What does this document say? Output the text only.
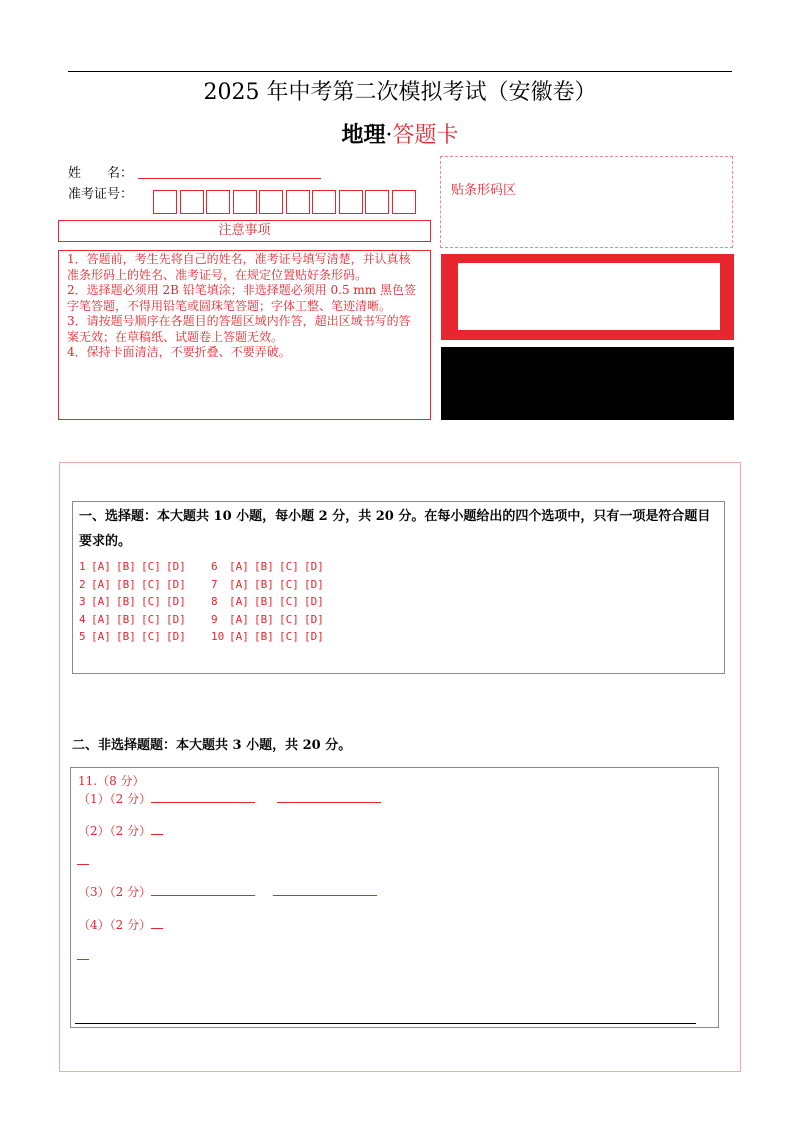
2025 年中考第二次模拟考试（安徽卷）
地理·答题卡
姓　　名：
准考证号：	贴条形码区
注意事项

1．答题前，考生先将自己的姓名，准考证号填写清楚，并认真核准条形码上的姓名、准考证号，在规定位置贴好条形码。

2．选择题必须用 2B 铅笔填涂；非选择题必须用 0.5 mm 黑色签字笔答题，不得用铅笔或圆珠笔答题；字体工整、笔迹清晰。

3．请按题号顺序在各题目的答题区域内作答，超出区域书写的答案无效；在草稿纸、试题卷上答题无效。

4．保持卡面清洁，不要折叠、不要弄破。

一、选择题：本大题共 10 小题，每小题 2 分，共 20 分。在每小题给出的四个选项中，只有一项是符合题目要求的。
1 [A] [B] [C] [D]	6	[A] [B] [C] [D]
2 [A] [B] [C] [D]	7	[A] [B] [C] [D]
3 [A] [B] [C] [D]	8	[A] [B] [C] [D]
4 [A] [B] [C] [D]	9	[A] [B] [C] [D]
5 [A] [B] [C] [D]	10 [A] [B] [C] [D]
二、非选择题题：本大题共 3 小题，共 20 分。
11.（8 分）
（1）（2 分）
（2）（2 分）
（3）（2 分）
（4）（2 分）
